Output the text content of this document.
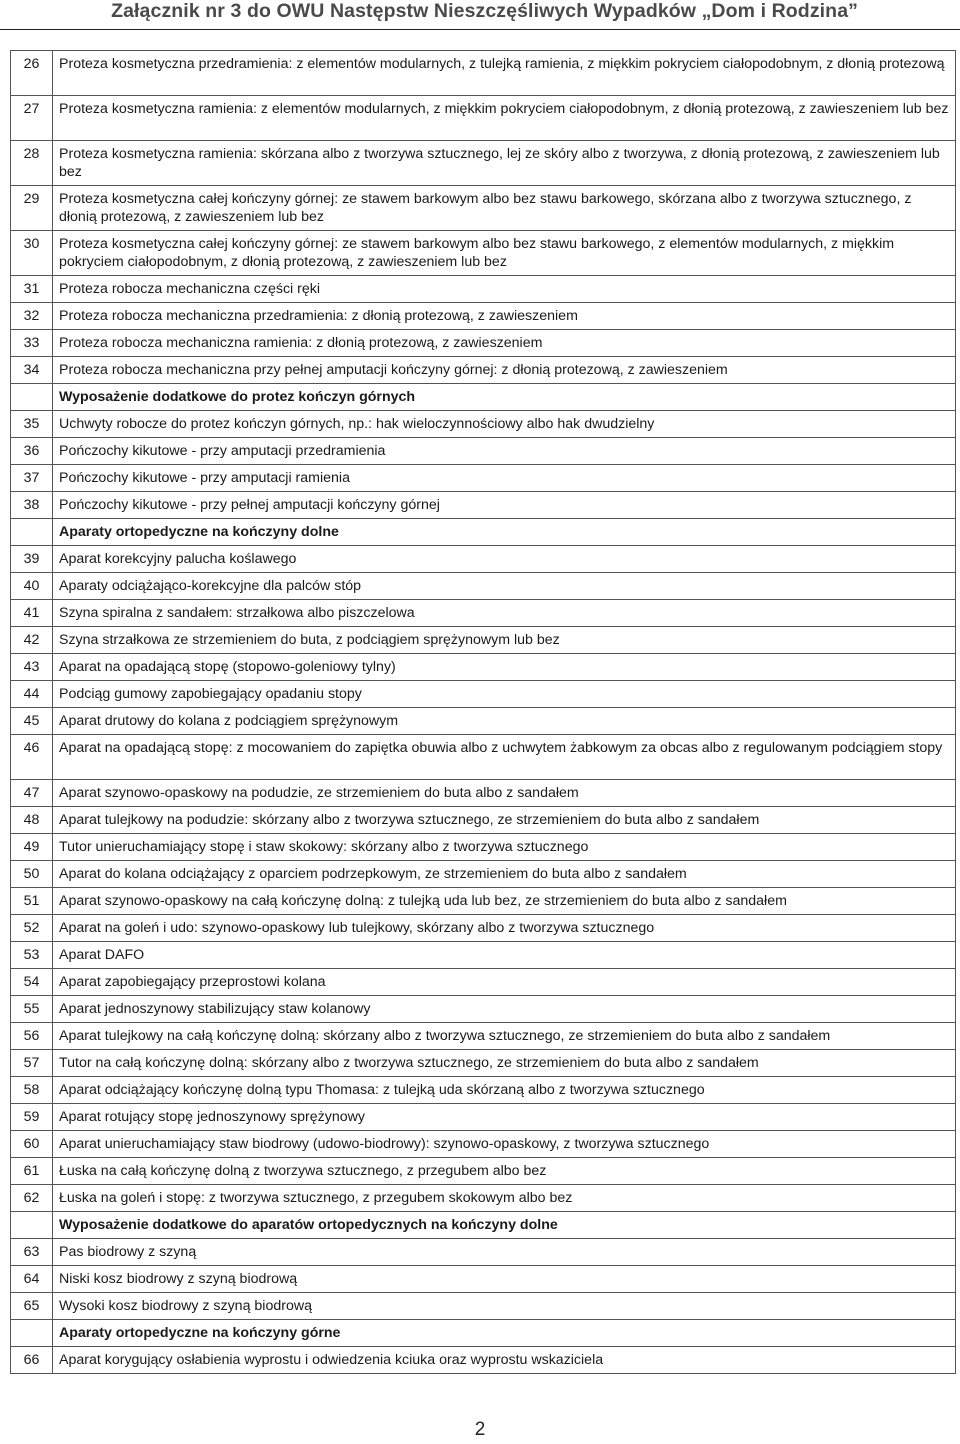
Załącznik nr 3 do OWU Następstw Nieszczęśliwych Wypadków „Dom i Rodzina”
26	Proteza kosmetyczna przedramienia: z elementów modularnych, z tulejką ramienia, z miękkim pokryciem ciałopodobnym, z dłonią protezową
27	Proteza kosmetyczna ramienia: z elementów modularnych, z miękkim pokryciem ciałopodobnym, z dłonią protezową, z zawieszeniem lub bez
28	Proteza kosmetyczna ramienia: skórzana albo z tworzywa sztucznego, lej ze skóry albo z tworzywa, z dłonią protezową, z zawieszeniem lub bez
29	Proteza kosmetyczna całej kończyny górnej: ze stawem barkowym albo bez stawu barkowego, skórzana albo z tworzywa sztucznego, z dłonią protezową, z zawieszeniem lub bez
30	Proteza kosmetyczna całej kończyny górnej: ze stawem barkowym albo bez stawu barkowego, z elementów modularnych, z miękkim pokryciem ciałopodobnym, z dłonią protezową, z zawieszeniem lub bez
31	Proteza robocza mechaniczna części ręki
32	Proteza robocza mechaniczna przedramienia: z dłonią protezową, z zawieszeniem
33	Proteza robocza mechaniczna ramienia: z dłonią protezową, z zawieszeniem
34	Proteza robocza mechaniczna przy pełnej amputacji kończyny górnej: z dłonią protezową, z zawieszeniem
	Wyposażenie dodatkowe do protez kończyn górnych
35	Uchwyty robocze do protez kończyn górnych, np.: hak wieloczynnościowy albo hak dwudzielny
36	Pończochy kikutowe - przy amputacji przedramienia
37	Pończochy kikutowe - przy amputacji ramienia
38	Pończochy kikutowe - przy pełnej amputacji kończyny górnej
	Aparaty ortopedyczne na kończyny dolne
39	Aparat korekcyjny palucha koślawego
40	Aparaty odciążająco-korekcyjne dla palców stóp
41	Szyna spiralna z sandałem: strzałkowa albo piszczelowa
42	Szyna strzałkowa ze strzemieniem do buta, z podciągiem sprężynowym lub bez
43	Aparat na opadającą stopę (stopowo-goleniowy tylny)
44	Podciąg gumowy zapobiegający opadaniu stopy
45	Aparat drutowy do kolana z podciągiem sprężynowym
46	Aparat na opadającą stopę: z mocowaniem do zapiętka obuwia albo z uchwytem żabkowym za obcas albo z regulowanym podciągiem stopy
47	Aparat szynowo-opaskowy na podudzie, ze strzemieniem do buta albo z sandałem
48	Aparat tulejkowy na podudzie: skórzany albo z tworzywa sztucznego, ze strzemieniem do buta albo z sandałem
49	Tutor unieruchamiający stopę i staw skokowy: skórzany albo z tworzywa sztucznego
50	Aparat do kolana odciążający z oparciem podrzepkowym, ze strzemieniem do buta albo z sandałem
51	Aparat szynowo-opaskowy na całą kończynę dolną: z tulejką uda lub bez, ze strzemieniem do buta albo z sandałem
52	Aparat na goleń i udo: szynowo-opaskowy lub tulejkowy, skórzany albo z tworzywa sztucznego
53	Aparat DAFO
54	Aparat zapobiegający przeprostowi kolana
55	Aparat jednoszynowy stabilizujący staw kolanowy
56	Aparat tulejkowy na całą kończynę dolną: skórzany albo z tworzywa sztucznego, ze strzemieniem do buta albo z sandałem
57	Tutor na całą kończynę dolną: skórzany albo z tworzywa sztucznego, ze strzemieniem do buta albo z sandałem
58	Aparat odciążający kończynę dolną typu Thomasa: z tulejką uda skórzaną albo z tworzywa sztucznego
59	Aparat rotujący stopę jednoszynowy sprężynowy
60	Aparat unieruchamiający staw biodrowy (udowo-biodrowy): szynowo-opaskowy, z tworzywa sztucznego
61	Łuska na całą kończynę dolną z tworzywa sztucznego, z przegubem albo bez
62	Łuska na goleń i stopę: z tworzywa sztucznego, z przegubem skokowym albo bez
	Wyposażenie dodatkowe do aparatów ortopedycznych na kończyny dolne
63	Pas biodrowy z szyną
64	Niski kosz biodrowy z szyną biodrową
65	Wysoki kosz biodrowy z szyną biodrową
	Aparaty ortopedyczne na kończyny górne
66	Aparat korygujący osłabienia wyprostu i odwiedzenia kciuka oraz wyprostu wskaziciela
2
